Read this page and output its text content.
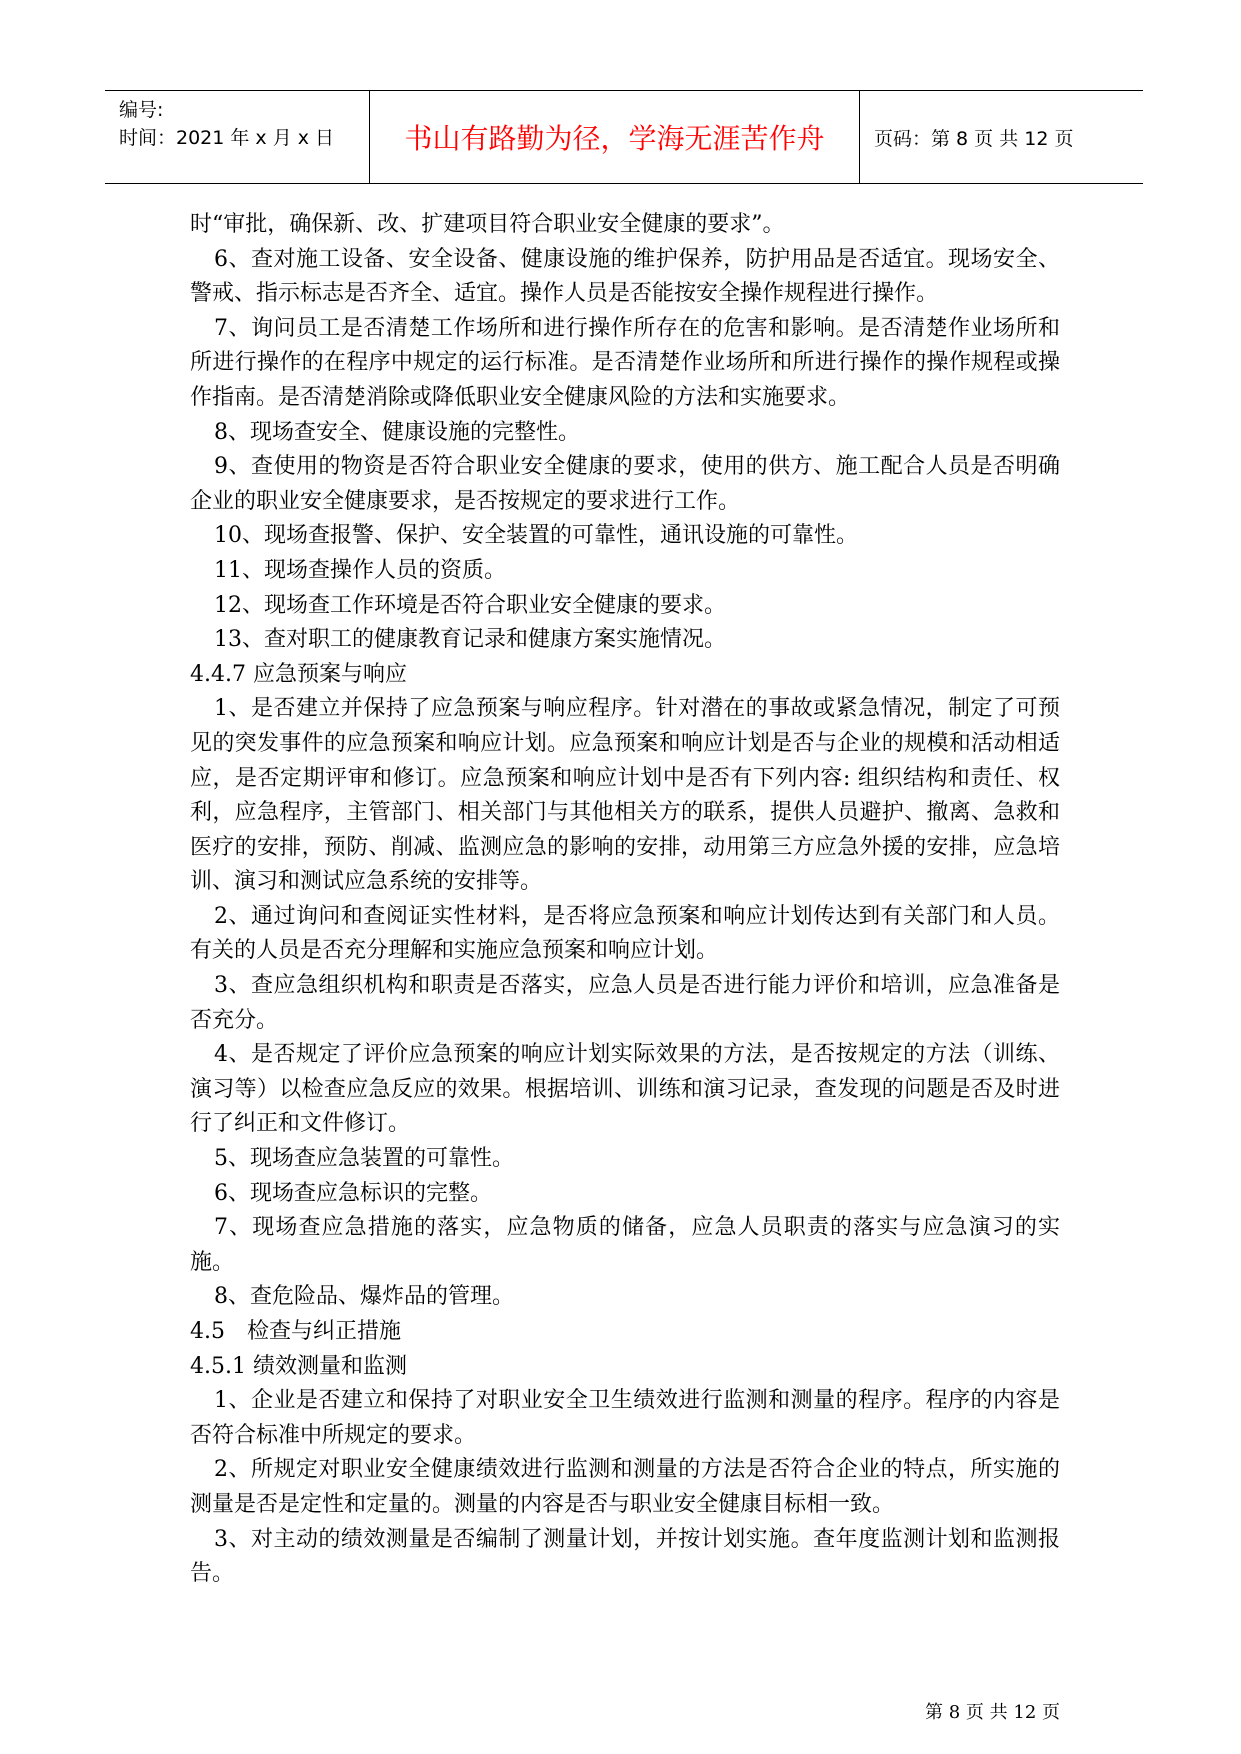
编号:
时间：2021 年 x 月 x 日	书山有路勤为径，学海无涯苦作舟	页码：第 8 页 共 12 页

时“审批，确保新、改、扩建项目符合职业安全健康的要求”。

6、查对施工设备、安全设备、健康设施的维护保养，防护用品是否适宜。现场安全、警戒、指示标志是否齐全、适宜。操作人员是否能按安全操作规程进行操作。

7、询问员工是否清楚工作场所和进行操作所存在的危害和影响。是否清楚作业场所和所进行操作的在程序中规定的运行标准。是否清楚作业场所和所进行操作的操作规程或操作指南。是否清楚消除或降低职业安全健康风险的方法和实施要求。

8、现场查安全、健康设施的完整性。

9、查使用的物资是否符合职业安全健康的要求，使用的供方、施工配合人员是否明确企业的职业安全健康要求，是否按规定的要求进行工作。

10、现场查报警、保护、安全装置的可靠性，通讯设施的可靠性。

11、现场查操作人员的资质。

12、现场查工作环境是否符合职业安全健康的要求。

13、查对职工的健康教育记录和健康方案实施情况。

4.4.7 应急预案与响应

1、是否建立并保持了应急预案与响应程序。针对潜在的事故或紧急情况，制定了可预见的突发事件的应急预案和响应计划。应急预案和响应计划是否与企业的规模和活动相适应，是否定期评审和修订。应急预案和响应计划中是否有下列内容: 组织结构和责任、权利，应急程序，主管部门、相关部门与其他相关方的联系，提供人员避护、撤离、急救和医疗的安排，预防、削减、监测应急的影响的安排，动用第三方应急外援的安排，应急培训、演习和测试应急系统的安排等。

2、通过询问和查阅证实性材料，是否将应急预案和响应计划传达到有关部门和人员。有关的人员是否充分理解和实施应急预案和响应计划。

3、查应急组织机构和职责是否落实，应急人员是否进行能力评价和培训，应急准备是否充分。

4、是否规定了评价应急预案的响应计划实际效果的方法，是否按规定的方法（训练、演习等）以检查应急反应的效果。根据培训、训练和演习记录，查发现的问题是否及时进行了纠正和文件修订。

5、现场查应急装置的可靠性。

6、现场查应急标识的完整。

7、现场查应急措施的落实，应急物质的储备，应急人员职责的落实与应急演习的实施。

8、查危险品、爆炸品的管理。

4.5　检查与纠正措施

4.5.1 绩效测量和监测

1、企业是否建立和保持了对职业安全卫生绩效进行监测和测量的程序。程序的内容是否符合标准中所规定的要求。

2、所规定对职业安全健康绩效进行监测和测量的方法是否符合企业的特点，所实施的测量是否是定性和定量的。测量的内容是否与职业安全健康目标相一致。

3、对主动的绩效测量是否编制了测量计划，并按计划实施。查年度监测计划和监测报告。

第 8 页 共 12 页
